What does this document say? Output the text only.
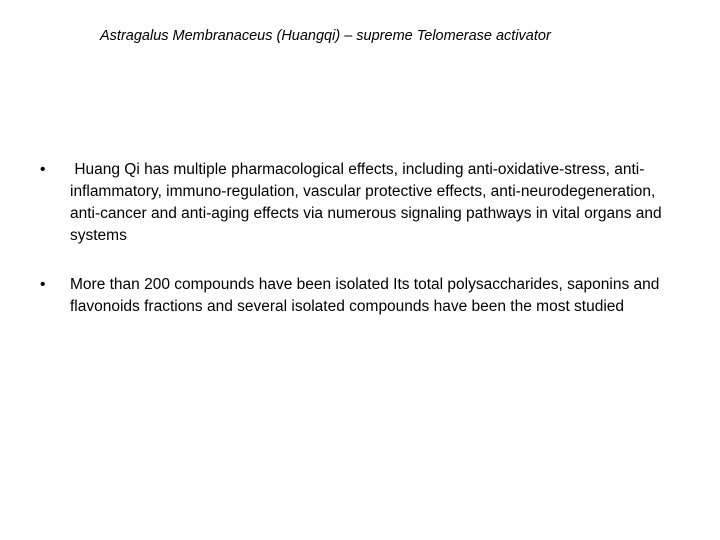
Astragalus Membranaceus (Huangqi) – supreme Telomerase activator
•	Huang Qi has multiple pharmacological effects, including anti-oxidative-stress, anti-inflammatory, immuno-regulation, vascular protective effects, anti-neurodegeneration, anti-cancer and anti-aging effects via numerous signaling pathways in vital organs and systems
•	More than 200 compounds have been isolated Its total polysaccharides, saponins and flavonoids fractions and several isolated compounds have been the most studied
